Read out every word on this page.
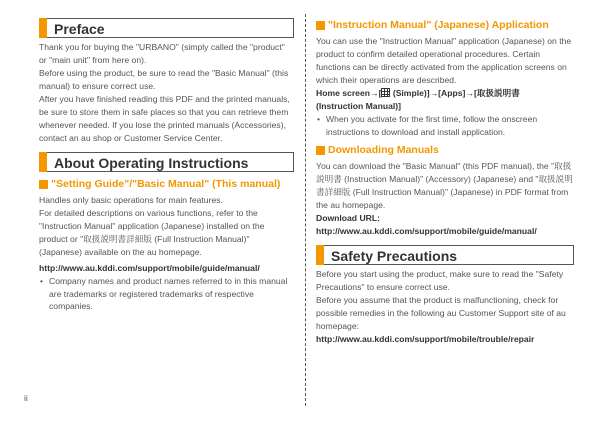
Preface

Thank you for buying the "URBANO" (simply called the "product" or "main unit" from here on).

Before using the product, be sure to read the "Basic Manual" (this manual) to ensure correct use.

After you have finished reading this PDF and the printed manuals, be sure to store them in safe places so that you can retrieve them whenever needed. If you lose the printed manuals (Accessories), contact an au shop or Customer Service Center.

About Operating Instructions
"Setting Guide"/"Basic Manual" (This manual)

Handles only basic operations for main features.

For detailed descriptions on various functions, refer to the "Instruction Manual" application (Japanese) installed on the product or "取扱説明書詳細版 (Full Instruction Manual)" (Japanese) available on the au homepage.

http://www.au.kddi.com/support/mobile/guide/manual/

• Company names and product names referred to in this manual are trademarks or registered trademarks of respective companies.

"Instruction Manual" (Japanese) Application

You can use the "Instruction Manual" application (Japanese) on the product to confirm detailed operational procedures. Certain functions can be directly activated from the application screens on which their operations are described.

Home screen→[ (Simple)]→[Apps]→[取扱説明書
(Instruction Manual)]

• When you activate for the first time, follow the onscreen instructions to download and install application.

Downloading Manuals

You can download the "Basic Manual" (this PDF manual), the "取扱説明書 (Instruction Manual)" (Accessory) (Japanese) and "取扱説明書詳細版 (Full Instruction Manual)" (Japanese) in PDF format from the au homepage.

Download URL:

http://www.au.kddi.com/support/mobile/guide/manual/

Safety Precautions

Before you start using the product, make sure to read the "Safety Precautions" to ensure correct use.

Before you assume that the product is malfunctioning, check for possible remedies in the following au Customer Support site of au homepage:

http://www.au.kddi.com/support/mobile/trouble/repair

ii
